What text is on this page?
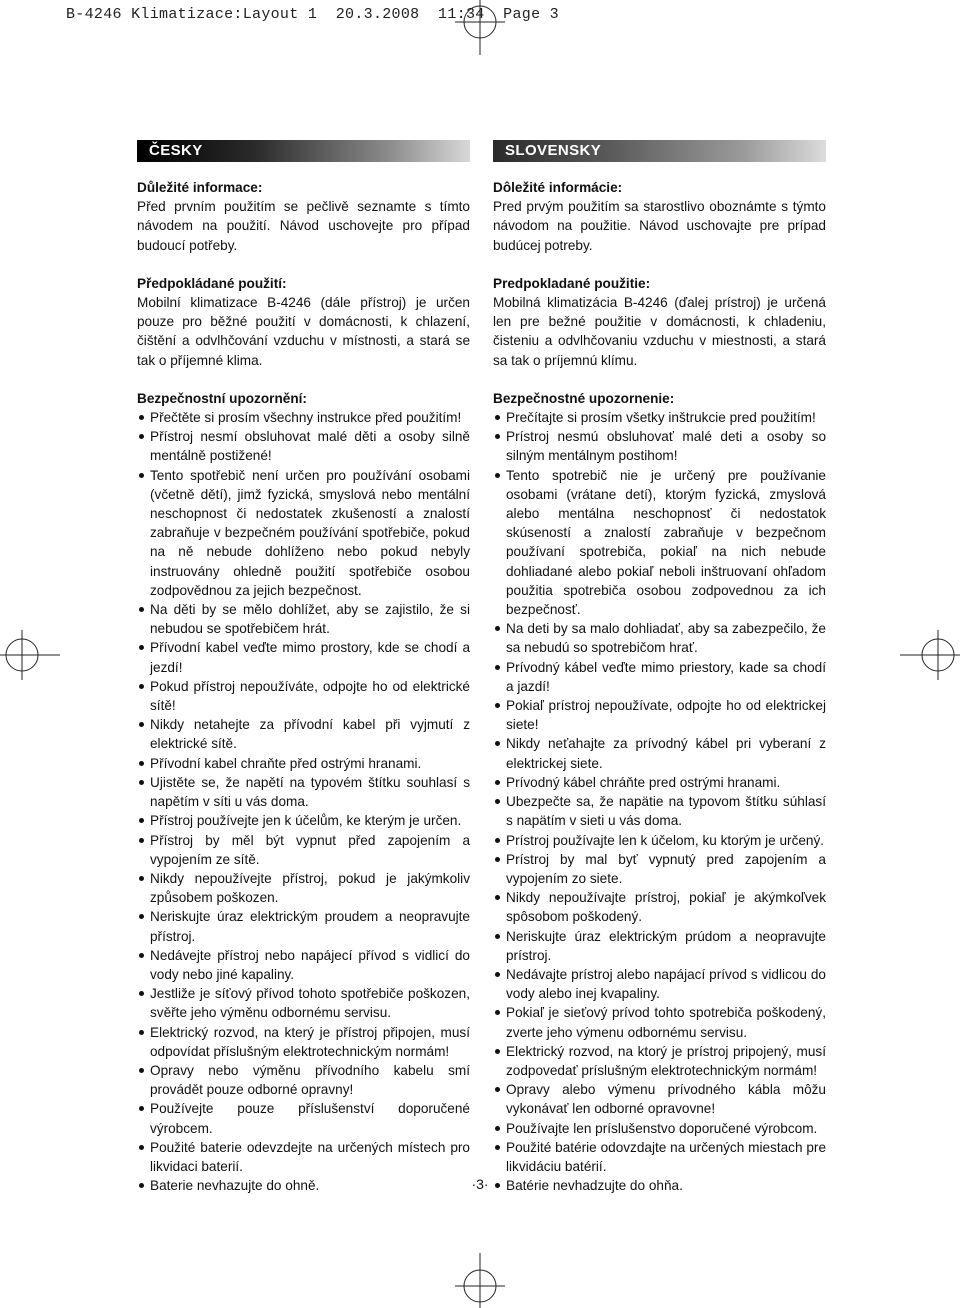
B-4246 Klimatizace:Layout 1  20.3.2008  11:34  Page 3
ČESKY
Důležité informace:
Před prvním použitím se pečlivě seznamte s tímto návodem na použití. Návod uschovejte pro případ budoucí potřeby.
Předpokládané použití:
Mobilní klimatizace B-4246 (dále přístroj) je určen pouze pro běžné použití v domácnosti, k chlazení, čištění a odvlhčování vzduchu v místnosti, a stará se tak o příjemné klima.
Bezpečnostní upozornění:
Přečtěte si prosím všechny instrukce před použitím!
Přístroj nesmí obsluhovat malé děti a osoby silně mentálně postižené!
Tento spotřebič není určen pro používání osobami (včetně dětí), jimž fyzická, smyslová nebo mentální neschopnost či nedostatek zkušeností a znalostí zabraňuje v bezpečném používání spotřebiče, pokud na ně nebude dohlíženo nebo pokud nebyly instruovány ohledně použití spotřebiče osobou zodpovědnou za jejich bezpečnost.
Na děti by se mělo dohlížet, aby se zajistilo, že si nebudou se spotřebičem hrát.
Přívodní kabel veďte mimo prostory, kde se chodí a jezdí!
Pokud přístroj nepoužíváte, odpojte ho od elektrické sítě!
Nikdy netahejte za přívodní kabel při vyjmutí z elektrické sítě.
Přívodní kabel chraňte před ostrými hranami.
Ujistěte se, že napětí na typovém štítku souhlasí s napětím v síti u vás doma.
Přístroj používejte jen k účelům, ke kterým je určen.
Přístroj by měl být vypnut před zapojením a vypojením ze sítě.
Nikdy nepoužívejte přístroj, pokud je jakýmkoliv způsobem poškozen.
Neriskujte úraz elektrickým proudem a neopravujte přístroj.
Nedávejte přístroj nebo napájecí přívod s vidlicí do vody nebo jiné kapaliny.
Jestliže je síťový přívod tohoto spotřebiče poškozen, svěřte jeho výměnu odbornému servisu.
Elektrický rozvod, na který je přístroj připojen, musí odpovídat příslušným elektrotechnickým normám!
Opravy nebo výměnu přívodního kabelu smí provádět pouze odborné opravny!
Používejte pouze příslušenství doporučené výrobcem.
Použité baterie odevzdejte na určených místech pro likvidaci baterií.
Baterie nevhazujte do ohně.
SLOVENSKY
Dôležité informácie:
Pred prvým použitím sa starostlivo oboznámte s týmto návodom na použitie. Návod uschovajte pre prípad budúcej potreby.
Predpokladané použitie:
Mobilná klimatizácia B-4246 (ďalej prístroj) je určená len pre bežné použitie v domácnosti, k chladeniu, čisteniu a odvlhčovaniu vzduchu v miestnosti, a stará sa tak o príjemnú klímu.
Bezpečnostné upozornenie:
Prečítajte si prosím všetky inštrukcie pred použitím!
Prístroj nesmú obsluhovať malé deti a osoby so silným mentálnym postihom!
Tento spotrebič nie je určený pre používanie osobami (vrátane detí), ktorým fyzická, zmyslová alebo mentálna neschopnosť či nedostatok skúseností a znalostí zabraňuje v bezpečnom používaní spotrebiča, pokiaľ na nich nebude dohliadané alebo pokiaľ neboli inštruovaní ohľadom použitia spotrebiča osobou zodpovednou za ich bezpečnosť.
Na deti by sa malo dohliadať, aby sa zabezpečilo, že sa nebudú so spotrebičom hrať.
Prívodný kábel veďte mimo priestory, kade sa chodí a jazdí!
Pokiaľ prístroj nepoužívate, odpojte ho od elektrickej siete!
Nikdy neťahajte za prívodný kábel pri vyberaní z elektrickej siete.
Prívodný kábel chráňte pred ostrými hranami.
Ubezpečte sa, že napätie na typovom štítku súhlasí s napätím v sieti u vás doma.
Prístroj používajte len k účelom, ku ktorým je určený.
Prístroj by mal byť vypnutý pred zapojením a vypojením zo siete.
Nikdy nepoužívajte prístroj, pokiaľ je akýmkoľvek spôsobom poškodený.
Neriskujte úraz elektrickým prúdom a neopravujte prístroj.
Nedávajte prístroj alebo napájací prívod s vidlicou do vody alebo inej kvapaliny.
Pokiaľ je sieťový prívod tohto spotrebiča poškodený, zverte jeho výmenu odbornému servisu.
Elektrický rozvod, na ktorý je prístroj pripojený, musí zodpovedať príslušným elektrotechnickým normám!
Opravy alebo výmenu prívodného kábla môžu vykonávať len odborné opravovne!
Používajte len príslušenstvo doporučené výrobcom.
Použité batérie odovzdajte na určených miestach pre likvidáciu batérií.
Batérie nevhadzujte do ohňa.
·3·
